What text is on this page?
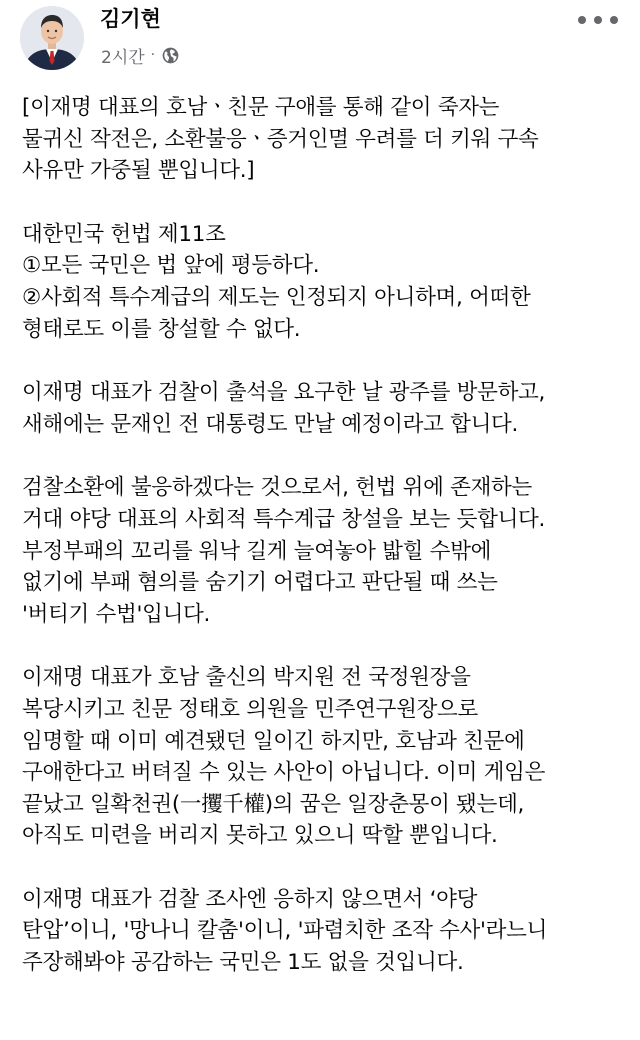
김기현
2시간 ·
[이재명 대표의 호남ㆍ친문 구애를 통해 같이 죽자는
물귀신 작전은, 소환불응ㆍ증거인멸 우려를 더 키워 구속
사유만 가중될 뿐입니다.]
대한민국 헌법 제11조
①모든 국민은 법 앞에 평등하다.
②사회적 특수계급의 제도는 인정되지 아니하며, 어떠한
형태로도 이를 창설할 수 없다.
이재명 대표가 검찰이 출석을 요구한 날 광주를 방문하고,
새해에는 문재인 전 대통령도 만날 예정이라고 합니다.
검찰소환에 불응하겠다는 것으로서, 헌법 위에 존재하는
거대 야당 대표의 사회적 특수계급 창설을 보는 듯합니다.
부정부패의 꼬리를 워낙 길게 늘여놓아 밟힐 수밖에
없기에 부패 혐의를 숨기기 어렵다고 판단될 때 쓰는
'버티기 수법'입니다.
이재명 대표가 호남 출신의 박지원 전 국정원장을
복당시키고 친문 정태호 의원을 민주연구원장으로
임명할 때 이미 예견됐던 일이긴 하지만, 호남과 친문에
구애한다고 버텨질 수 있는 사안이 아닙니다. 이미 게임은
끝났고 일확천권(一攫千權)의 꿈은 일장춘몽이 됐는데,
아직도 미련을 버리지 못하고 있으니 딱할 뿐입니다.
이재명 대표가 검찰 조사엔 응하지 않으면서 ‘야당
탄압’이니, '망나니 칼춤'이니, '파렴치한 조작 수사'라느니
주장해봐야 공감하는 국민은 1도 없을 것입니다.
